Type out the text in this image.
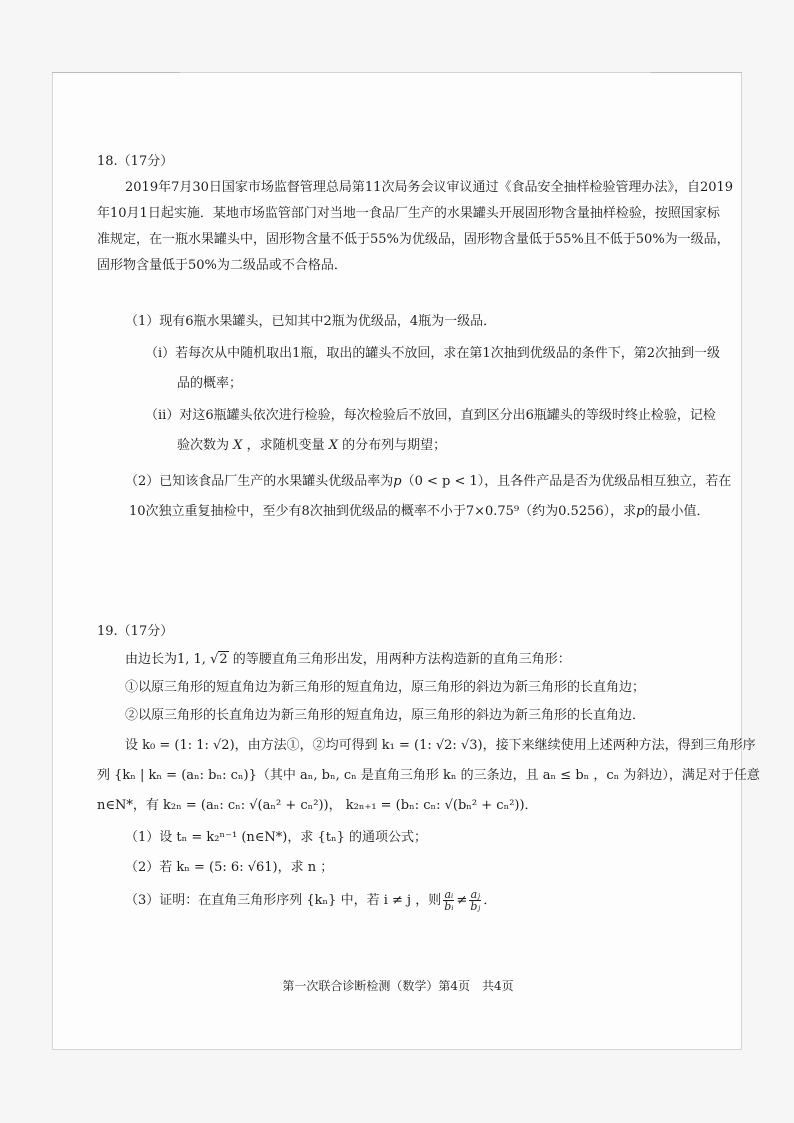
18.（17分）
2019年7月30日国家市场监督管理总局第11次局务会议审议通过《食品安全抽样检验管理办法》，自2019
年10月1日起实施．某地市场监管部门对当地一食品厂生产的水果罐头开展固形物含量抽样检验，按照国家标
准规定，在一瓶水果罐头中，固形物含量不低于55%为优级品，固形物含量低于55%且不低于50%为一级品，
固形物含量低于50%为二级品或不合格品．
（1）现有6瓶水果罐头，已知其中2瓶为优级品，4瓶为一级品．
（i）若每次从中随机取出1瓶，取出的罐头不放回，求在第1次抽到优级品的条件下，第2次抽到一级
品的概率；
（ii）对这6瓶罐头依次进行检验，每次检验后不放回，直到区分出6瓶罐头的等级时终止检验，记检
验次数为 X ，求随机变量 X 的分布列与期望；
（2）已知该食品厂生产的水果罐头优级品率为p（0 < p < 1），且各件产品是否为优级品相互独立，若在
10次独立重复抽检中，至少有8次抽到优级品的概率不小于7×0.75⁹（约为0.5256），求p的最小值．
19.（17分）
由边长为1, 1, √2 的等腰直角三角形出发，用两种方法构造新的直角三角形：
①以原三角形的短直角边为新三角形的短直角边，原三角形的斜边为新三角形的长直角边；
②以原三角形的长直角边为新三角形的短直角边，原三角形的斜边为新三角形的长直角边．
设 k₀ = (1: 1: √2)，由方法①，②均可得到 k₁ = (1: √2: √3)，接下来继续使用上述两种方法，得到三角形序
列 {kₙ | kₙ = (aₙ: bₙ: cₙ)}（其中 aₙ, bₙ, cₙ 是直角三角形 kₙ 的三条边，且 aₙ ≤ bₙ ，cₙ 为斜边），满足对于任意
n∈N*，有 k₂ₙ = (aₙ: cₙ: √(aₙ² + cₙ²))， k₂ₙ₊₁ = (bₙ: cₙ: √(bₙ² + cₙ²))．
（1）设 tₙ = k₂ⁿ⁻¹ (n∈N*)，求 {tₙ} 的通项公式；
（2）若 kₙ = (5: 6: √61)，求 n ；
（3）证明：在直角三角形序列 {kₙ} 中，若 i ≠ j ，则 $\frac{\text{aᵢ}}{\text{bᵢ}} \ne \frac{\text{aⱼ}}{\text{bⱼ}}$ ．
第一次联合诊断检测（数学）第4页　共4页
